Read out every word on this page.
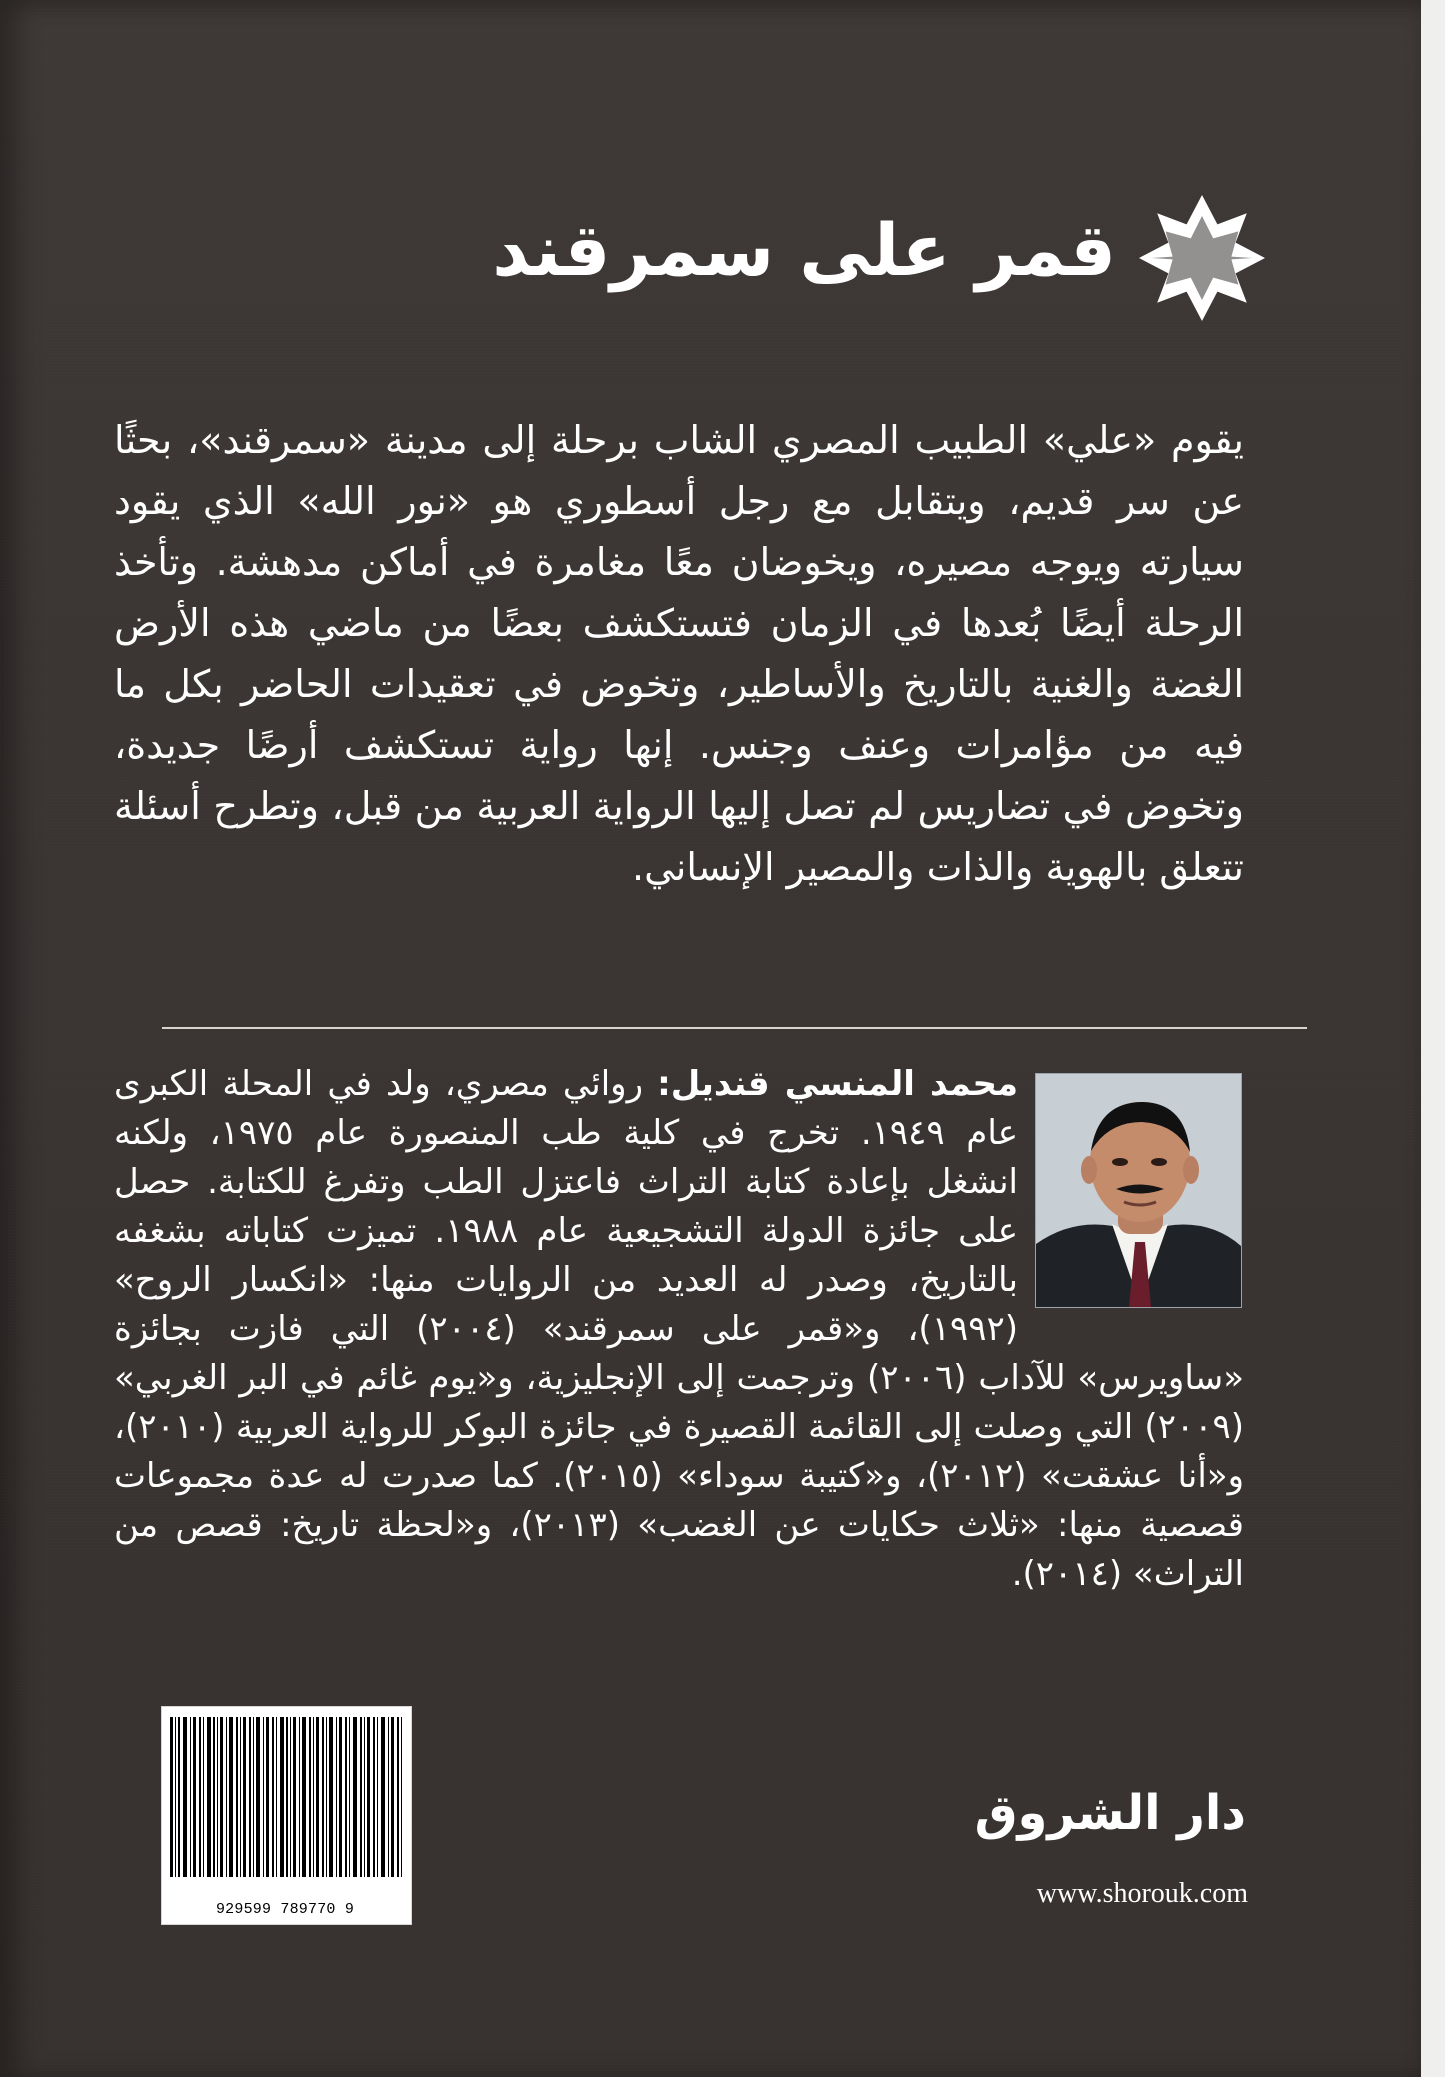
قمر على سمرقند

يقوم «علي» الطبيب المصري الشاب برحلة إلى مدينة «سمرقند»، بحثًا عن سر قديم، ويتقابل مع رجل أسطوري هو «نور الله» الذي يقود سيارته ويوجه مصيره، ويخوضان معًا مغامرة في أماكن مدهشة. وتأخذ الرحلة أيضًا بُعدها في الزمان فتستكشف بعضًا من ماضي هذه الأرض الغضة والغنية بالتاريخ والأساطير، وتخوض في تعقيدات الحاضر بكل ما فيه من مؤامرات وعنف وجنس. إنها رواية تستكشف أرضًا جديدة، وتخوض في تضاريس لم تصل إليها الرواية العربية من قبل، وتطرح أسئلة تتعلق بالهوية والذات والمصير الإنساني.

محمد المنسي قنديل: روائي مصري، ولد في المحلة الكبرى عام ١٩٤٩. تخرج في كلية طب المنصورة عام ١٩٧٥، ولكنه انشغل بإعادة كتابة التراث فاعتزل الطب وتفرغ للكتابة. حصل على جائزة الدولة التشجيعية عام ١٩٨٨. تميزت كتاباته بشغفه بالتاريخ، وصدر له العديد من الروايات منها: «انكسار الروح» (١٩٩٢)، و«قمر على سمرقند» (٢٠٠٤) التي فازت بجائزة «ساويرس» للآداب (٢٠٠٦) وترجمت إلى الإنجليزية، و«يوم غائم في البر الغربي» (٢٠٠٩) التي وصلت إلى القائمة القصيرة في جائزة البوكر للرواية العربية (٢٠١٠)، و«أنا عشقت» (٢٠١٢)، و«كتيبة سوداء» (٢٠١٥). كما صدرت له عدة مجموعات قصصية منها: «ثلاث حكايات عن الغضب» (٢٠١٣)، و«لحظة تاريخ: قصص من التراث» (٢٠١٤).

9 789770 929599

دار الشروق

www.shorouk.com
